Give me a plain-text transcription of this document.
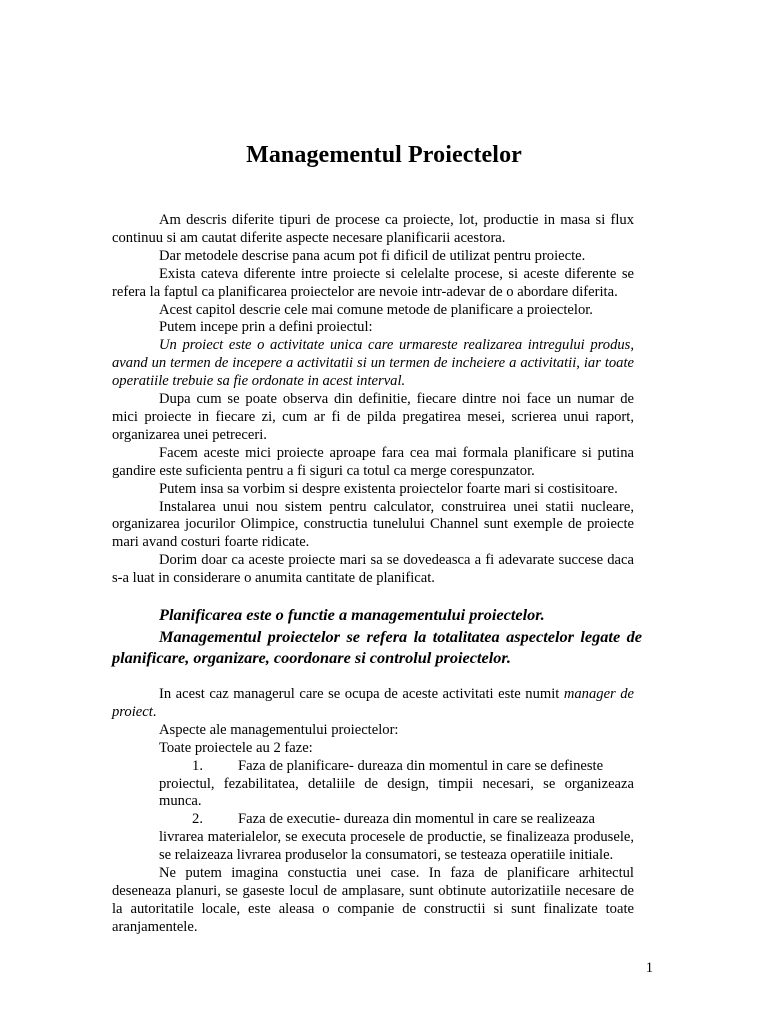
Managementul Proiectelor

Am descris diferite tipuri de procese ca proiecte, lot, productie in masa si flux continuu si am cautat diferite aspecte necesare planificarii acestora.

Dar metodele descrise pana acum pot fi dificil de utilizat pentru proiecte.

Exista cateva diferente intre proiecte si celelalte procese, si aceste diferente se refera la faptul ca planificarea proiectelor are nevoie intr-adevar de o abordare diferita.

Acest capitol descrie cele mai comune metode de planificare a proiectelor.

Putem incepe prin a defini proiectul:

Un proiect este o activitate unica care urmareste realizarea intregului produs, avand un termen de incepere a activitatii si un termen de incheiere a activitatii, iar toate operatiile trebuie sa fie ordonate in acest interval.

Dupa cum se poate observa din definitie, fiecare dintre noi face un numar de mici proiecte in fiecare zi, cum ar fi de pilda pregatirea mesei, scrierea unui raport, organizarea unei petreceri.

Facem aceste mici proiecte aproape fara cea mai formala planificare si putina gandire este suficienta pentru a fi siguri ca totul ca merge corespunzator.

Putem insa sa vorbim si despre existenta proiectelor foarte mari si costisitoare.

Instalarea unui nou sistem pentru calculator, construirea unei statii nucleare, organizarea jocurilor Olimpice, constructia tunelului Channel sunt exemple de proiecte mari avand costuri foarte ridicate.

Dorim doar ca aceste proiecte mari sa se dovedeasca a fi adevarate succese daca s-a luat in considerare o anumita cantitate de planificat.

Planificarea este o functie a managementului proiectelor.

Managementul proiectelor se refera la totalitatea aspectelor legate de planificare, organizare, coordonare si controlul proiectelor.

In acest caz managerul care se ocupa de aceste activitati este numit manager de proiect.

Aspecte ale managementului proiectelor:

Toate proiectele au 2 faze:

1. Faza de planificare- dureaza din momentul in care se defineste
proiectul, fezabilitatea, detaliile de design, timpii necesari, se organizeaza munca.
2. Faza de executie- dureaza din momentul in care se realizeaza
livrarea materialelor, se executa procesele de productie, se finalizeaza produsele, se relaizeaza livrarea produselor la consumatori, se testeaza operatiile initiale.

Ne putem imagina constuctia unei case. In faza de planificare arhitectul deseneaza planuri, se gaseste locul de amplasare, sunt obtinute autorizatiile necesare de la autoritatile locale, este aleasa o companie de constructii si sunt finalizate toate aranjamentele.

1
